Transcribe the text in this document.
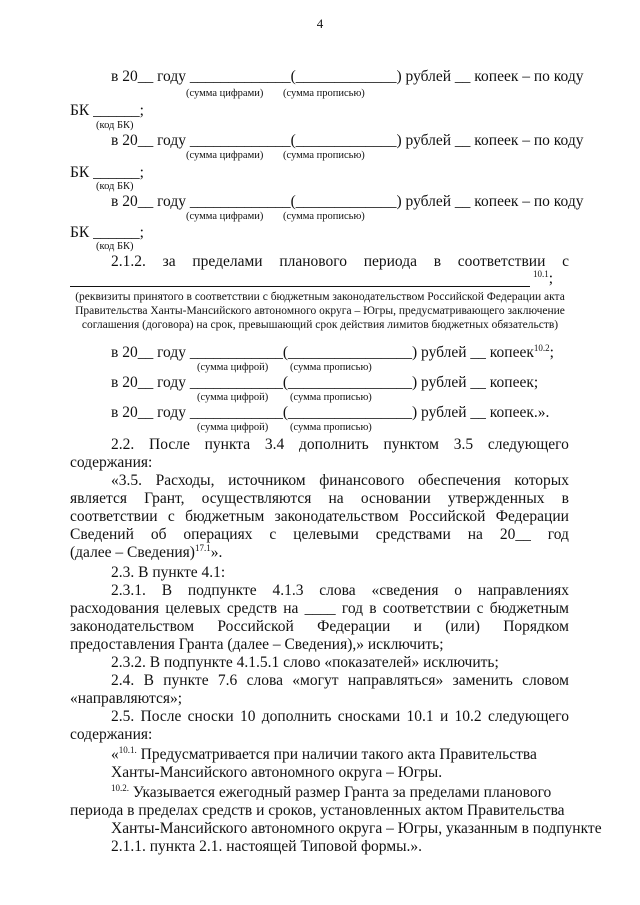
4
в 20__ году _____________(_____________) рублей __ копеек – по коду
(сумма цифрами) (сумма прописью)
БК ______;
(код БК)
в 20__ году _____________(_____________) рублей __ копеек – по коду
(сумма цифрами) (сумма прописью)
БК ______;
(код БК)
в 20__ году _____________(_____________) рублей __ копеек – по коду
(сумма цифрами) (сумма прописью)
БК ______;
(код БК)
2.1.2. за пределами планового периода в соответствии с
$^{10.1}$;
(реквизиты принятого в соответствии с бюджетным законодательством Российской Федерации акта Правительства Ханты-Мансийского автономного округа – Югры, предусматривающего заключение соглашения (договора) на срок, превышающий срок действия лимитов бюджетных обязательств)
в 20__ году ____________(________________) рублей __ копеек$^{10.2}$;
(сумма цифрой) (сумма прописью)
в 20__ году ____________(________________) рублей __ копеек;
(сумма цифрой) (сумма прописью)
в 20__ году ____________(________________) рублей __ копеек.».
(сумма цифрой) (сумма прописью)
2.2. После пункта 3.4 дополнить пунктом 3.5 следующего
содержания:
«3.5. Расходы, источником финансового обеспечения которых
является Грант, осуществляются на основании утвержденных в
соответствии с бюджетным законодательством Российской Федерации
Сведений об операциях с целевыми средствами на 20__ год
(далее – Сведения)$^{17.1}$».
2.3. В пункте 4.1:
2.3.1. В подпункте 4.1.3 слова «сведения о направлениях
расходования целевых средств на ____ год в соответствии с бюджетным
законодательством Российской Федерации и (или) Порядком
предоставления Гранта (далее – Сведения),» исключить;
2.3.2. В подпункте 4.1.5.1 слово «показателей» исключить;
2.4. В пункте 7.6 слова «могут направляться» заменить словом
«направляются»;
2.5. После сноски 10 дополнить сносками 10.1 и 10.2 следующего
содержания:
«$^{10.1.}$ Предусматривается при наличии такого акта Правительства
Ханты-Мансийского автономного округа – Югры.
$^{10.2.}$ Указывается ежегодный размер Гранта за пределами планового
периода в пределах средств и сроков, установленных актом Правительства
Ханты-Мансийского автономного округа – Югры, указанным в подпункте
2.1.1. пункта 2.1. настоящей Типовой формы.».
